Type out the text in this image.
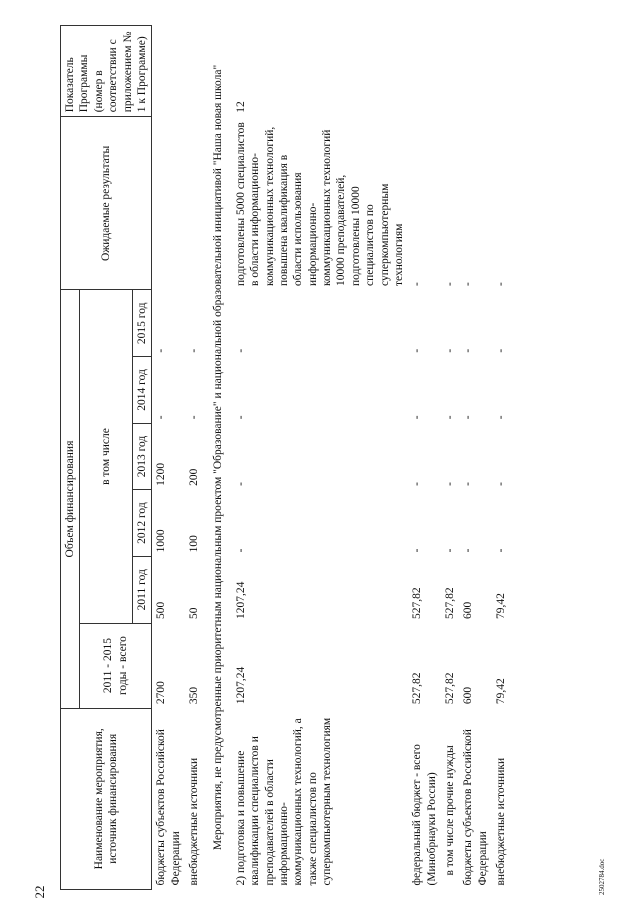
22
Наименование мероприятия, источник финансирования	Объем финансирования						Ожидаемые результаты	Показатель Программы (номер в соответствии с приложением № 1 к Программе)
	2011 - 2015 годы - всего	в том числе						
		2011 год	2012 год	2013 год	2014 год	2015 год		
бюджеты субъектов Российской Федерации	2700	500	1000	1200	-	-		
внебюджетные источники	350	50	100	200	-	-		
Мероприятия, не предусмотренные приоритетным национальным проектом "Образование" и национальной образовательной инициативой "Наша новая школа"								
2) подготовка и повышение квалификации специалистов и преподавателей в области информационно-коммуникационных технологий, а также специалистов по суперкомпьютерным технологиям	1207,24	1207,24	-	-	-	-	подготовлены 5000 специалистов в области информационно-коммуникационных технологий, повышена квалификация в области использования информационно-коммуникационных технологий 10000 преподавателей, подготовлены 10000 специалистов по суперкомпьютерным технологиям	12
федеральный бюджет - всего (Минобрнауки России)	527,82	527,82	-	-	-	-	-	
в том числе прочие нужды	527,82	527,82	-	-	-	-	-	
бюджеты субъектов Российской Федерации	600	600	-	-	-	-	-	
внебюджетные источники	79,42	79,42	-	-	-	-	-	
2502784.doc
